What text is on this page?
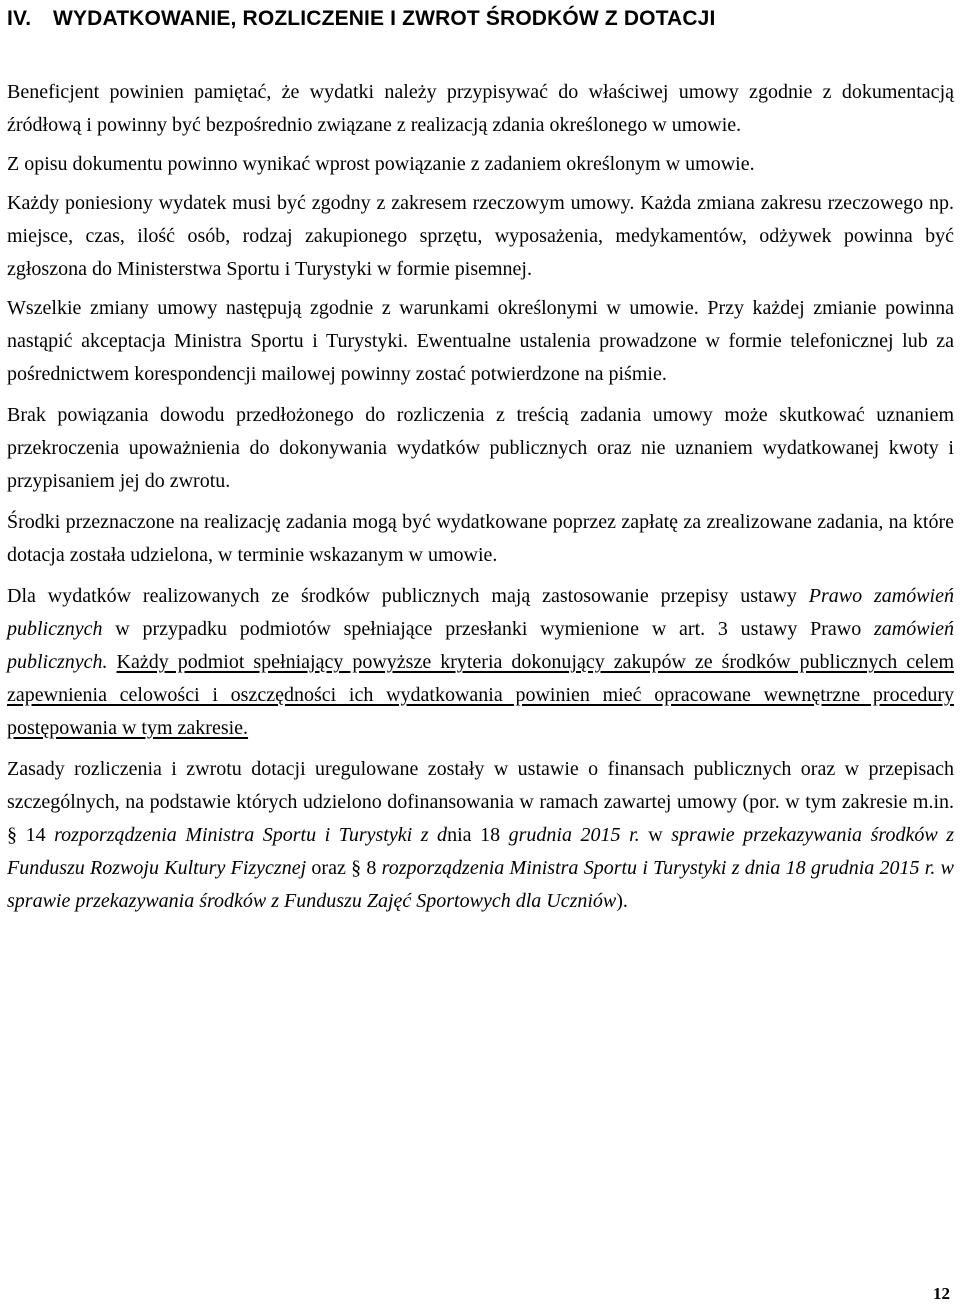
IV. WYDATKOWANIE, ROZLICZENIE I ZWROT ŚRODKÓW Z DOTACJI

Beneficjent powinien pamiętać, że wydatki należy przypisywać do właściwej umowy zgodnie z dokumentacją źródłową i powinny być bezpośrednio związane z realizacją zdania określonego w umowie.

Z opisu dokumentu powinno wynikać wprost powiązanie z zadaniem określonym w umowie.

Każdy poniesiony wydatek musi być zgodny z zakresem rzeczowym umowy. Każda zmiana zakresu rzeczowego np. miejsce, czas, ilość osób, rodzaj zakupionego sprzętu, wyposażenia, medykamentów, odżywek powinna być zgłoszona do Ministerstwa Sportu i Turystyki w formie pisemnej.

Wszelkie zmiany umowy następują zgodnie z warunkami określonymi w umowie. Przy każdej zmianie powinna nastąpić akceptacja Ministra Sportu i Turystyki. Ewentualne ustalenia prowadzone w formie telefonicznej lub za pośrednictwem korespondencji mailowej powinny zostać potwierdzone na piśmie.

Brak powiązania dowodu przedłożonego do rozliczenia z treścią zadania umowy może skutkować uznaniem przekroczenia upoważnienia do dokonywania wydatków publicznych oraz nie uznaniem wydatkowanej kwoty i przypisaniem jej do zwrotu.

Środki przeznaczone na realizację zadania mogą być wydatkowane poprzez zapłatę za zrealizowane zadania, na które dotacja została udzielona, w terminie wskazanym w umowie.

Dla wydatków realizowanych ze środków publicznych mają zastosowanie przepisy ustawy Prawo zamówień publicznych w przypadku podmiotów spełniające przesłanki wymienione w art. 3 ustawy Prawo zamówień publicznych. Każdy podmiot spełniający powyższe kryteria dokonujący zakupów ze środków publicznych celem zapewnienia celowości i oszczędności ich wydatkowania powinien mieć opracowane wewnętrzne procedury postępowania w tym zakresie.

Zasady rozliczenia i zwrotu dotacji uregulowane zostały w ustawie o finansach publicznych oraz w przepisach szczególnych, na podstawie których udzielono dofinansowania w ramach zawartej umowy (por. w tym zakresie m.in. § 14 rozporządzenia Ministra Sportu i Turystyki z dnia 18 grudnia 2015 r. w sprawie przekazywania środków z Funduszu Rozwoju Kultury Fizycznej oraz § 8 rozporządzenia Ministra Sportu i Turystyki z dnia 18 grudnia 2015 r. w sprawie przekazywania środków z Funduszu Zajęć Sportowych dla Uczniów).

12
